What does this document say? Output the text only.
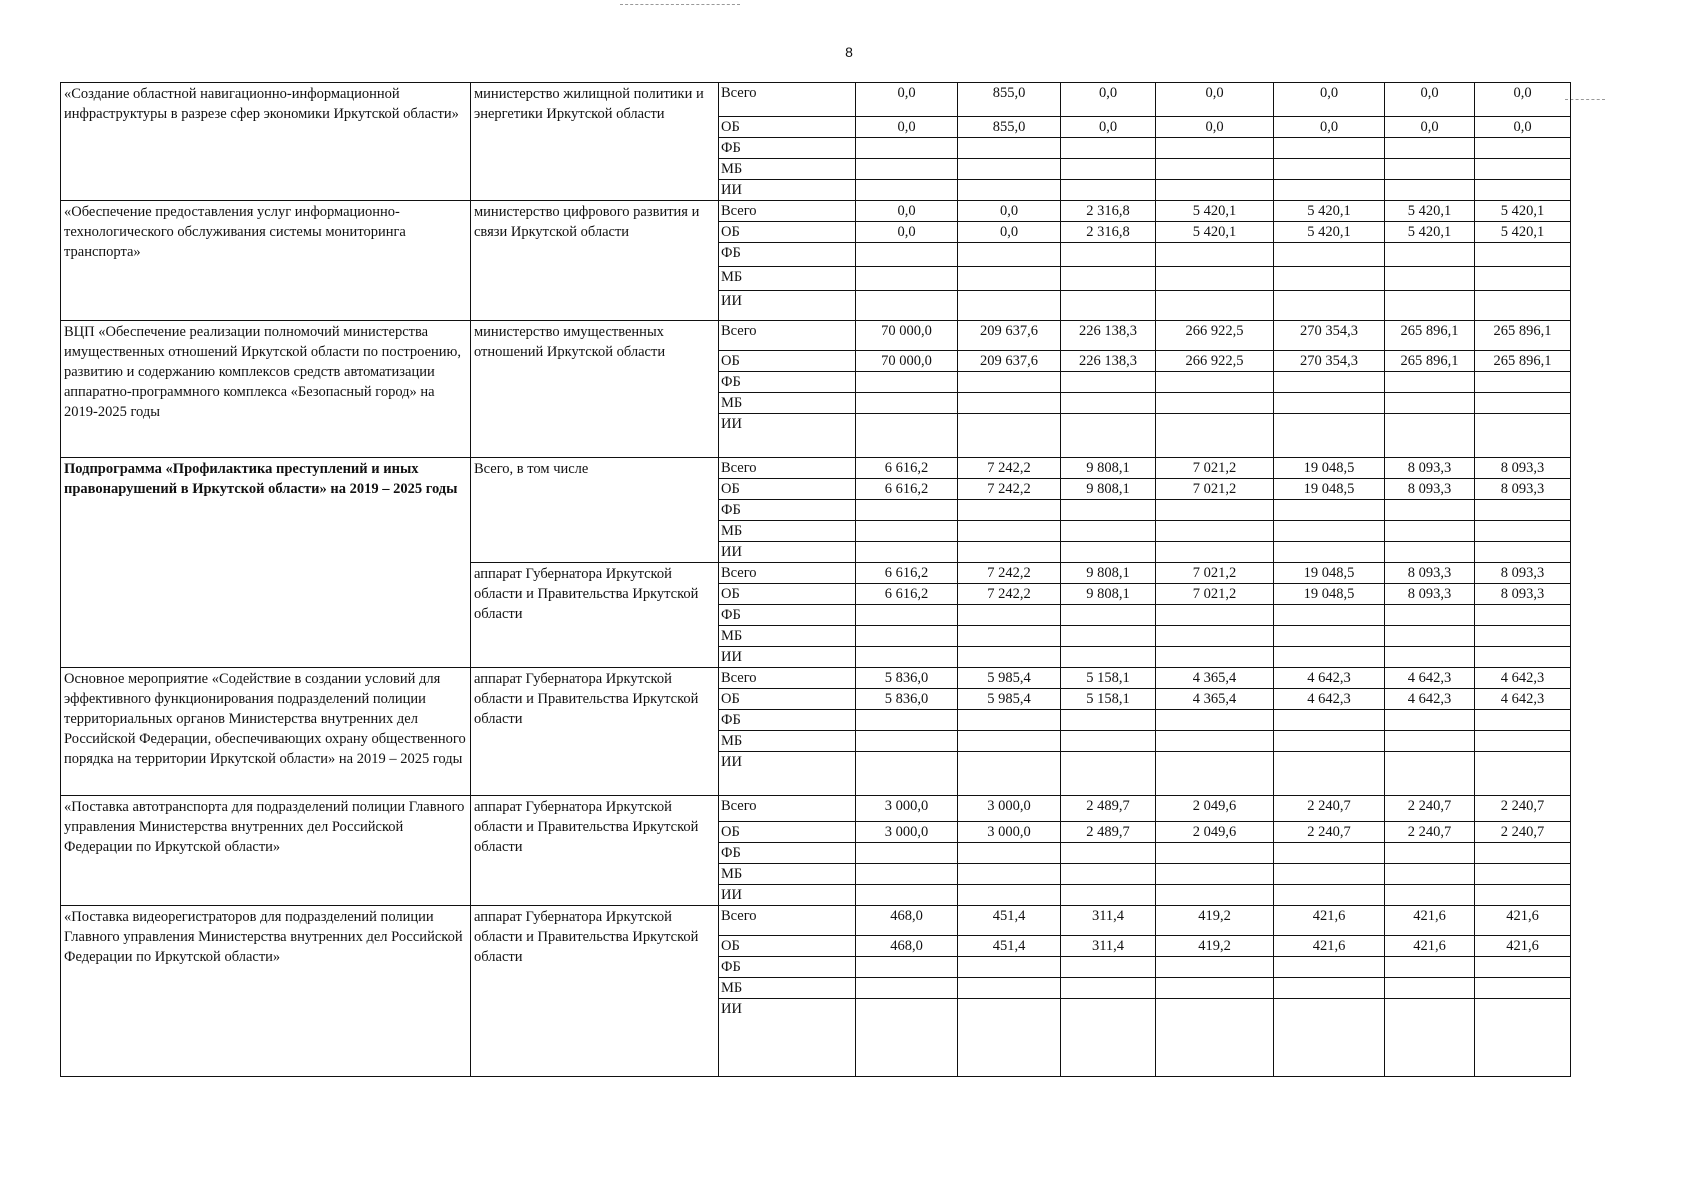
8
«Создание областной навигационно-информационной инфраструктуры в разрезе сфер экономики Иркутской области»	министерство жилищной политики и энергетики Иркутской области	Всего	0,0	855,0	0,0	0,0	0,0	0,0	0,0
		ОБ	0,0	855,0	0,0	0,0	0,0	0,0	0,0
		ФБ							
		МБ							
		ИИ							
«Обеспечение предоставления услуг информационно-технологического обслуживания системы мониторинга транспорта»	министерство цифрового развития и связи Иркутской области	Всего	0,0	0,0	2 316,8	5 420,1	5 420,1	5 420,1	5 420,1
		ОБ	0,0	0,0	2 316,8	5 420,1	5 420,1	5 420,1	5 420,1
		ФБ							
		МБ							
		ИИ							
ВЦП «Обеспечение реализации полномочий министерства имущественных отношений Иркутской области по построению, развитию и содержанию комплексов средств автоматизации аппаратно-программного комплекса «Безопасный город» на 2019-2025 годы	министерство имущественных отношений Иркутской области	Всего	70 000,0	209 637,6	226 138,3	266 922,5	270 354,3	265 896,1	265 896,1
		ОБ	70 000,0	209 637,6	226 138,3	266 922,5	270 354,3	265 896,1	265 896,1
		ФБ							
		МБ							
		ИИ							
Подпрограмма «Профилактика преступлений и иных правонарушений в Иркутской области» на 2019 – 2025 годы	Всего, в том числе	Всего	6 616,2	7 242,2	9 808,1	7 021,2	19 048,5	8 093,3	8 093,3
		ОБ	6 616,2	7 242,2	9 808,1	7 021,2	19 048,5	8 093,3	8 093,3
		ФБ							
		МБ							
		ИИ							
	аппарат Губернатора Иркутской области и Правительства Иркутской области	Всего	6 616,2	7 242,2	9 808,1	7 021,2	19 048,5	8 093,3	8 093,3
		ОБ	6 616,2	7 242,2	9 808,1	7 021,2	19 048,5	8 093,3	8 093,3
		ФБ							
		МБ							
		ИИ							
Основное мероприятие «Содействие в создании условий для эффективного функционирования подразделений полиции территориальных органов Министерства внутренних дел Российской Федерации, обеспечивающих охрану общественного порядка на территории Иркутской области» на 2019 – 2025 годы	аппарат Губернатора Иркутской области и Правительства Иркутской области	Всего	5 836,0	5 985,4	5 158,1	4 365,4	4 642,3	4 642,3	4 642,3
		ОБ	5 836,0	5 985,4	5 158,1	4 365,4	4 642,3	4 642,3	4 642,3
		ФБ							
		МБ							
		ИИ							
«Поставка автотранспорта для подразделений полиции Главного управления Министерства внутренних дел Российской Федерации по Иркутской области»	аппарат Губернатора Иркутской области и Правительства Иркутской области	Всего	3 000,0	3 000,0	2 489,7	2 049,6	2 240,7	2 240,7	2 240,7
		ОБ	3 000,0	3 000,0	2 489,7	2 049,6	2 240,7	2 240,7	2 240,7
		ФБ							
		МБ							
		ИИ							
«Поставка видеорегистраторов для подразделений полиции Главного управления Министерства внутренних дел Российской Федерации по Иркутской области»	аппарат Губернатора Иркутской области и Правительства Иркутской области	Всего	468,0	451,4	311,4	419,2	421,6	421,6	421,6
		ОБ	468,0	451,4	311,4	419,2	421,6	421,6	421,6
		ФБ							
		МБ							
		ИИ							
